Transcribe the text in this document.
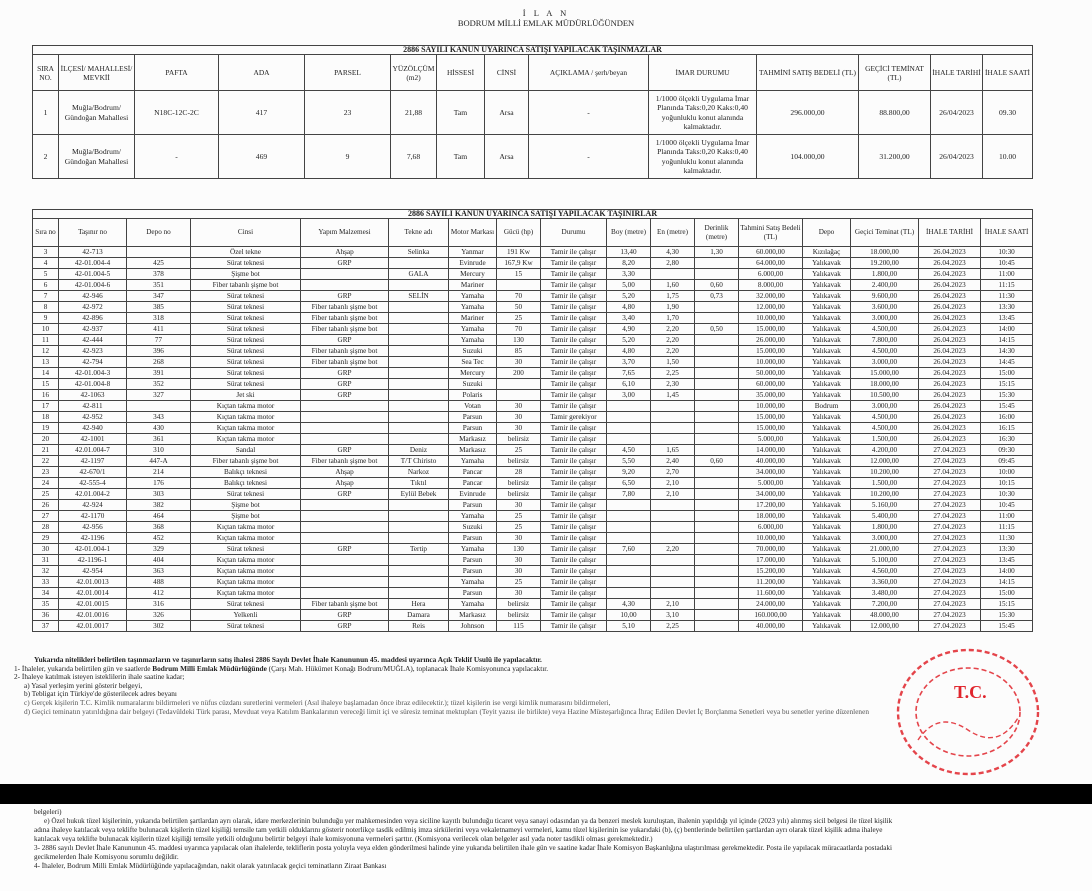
İ L A N
BODRUM MİLLİ EMLAK MÜDÜRLÜĞÜNDEN
2886 SAYILI KANUN UYARINCA SATIŞI YAPILACAK TAŞINMAZLAR													
SIRA NO.	İLÇESİ/ MAHALLESİ/ MEVKİİ	PAFTA	ADA	PARSEL	YÜZÖLÇÜM (m2)	HİSSESİ	CİNSİ	AÇIKLAMA / şerh/beyan	İMAR DURUMU	TAHMİNİ SATIŞ BEDELİ (TL)	GEÇİCİ TEMİNAT (TL)	İHALE TARİHİ	İHALE SAATİ
1	Muğla/Bodrum/ Gündoğan Mahallesi	N18C-12C-2C	417	23	21,88	Tam	Arsa	-	1/1000 ölçekli Uygulama İmar Planında Taks:0,20 Kaks:0,40 yoğunluklu konut alanında kalmaktadır.	296.000,00	88.800,00	26/04/2023	09.30
2	Muğla/Bodrum/ Gündoğan Mahallesi	-	469	9	7,68	Tam	Arsa	-	1/1000 ölçekli Uygulama İmar Planında Taks:0,20 Kaks:0,40 yoğunluklu konut alanında kalmaktadır.	104.000,00	31.200,00	26/04/2023	10.00
2886 SAYILI KANUN UYARINCA SATIŞI YAPILACAK TAŞINIRLAR																
Sıra no	Taşınır no	Depo no	Cinsi	Yapım Malzemesi	Tekne adı	Motor Markası	Gücü (hp)	Durumu	Boy (metre)	En (metre)	Derinlik (metre)	Tahmini Satış Bedeli (TL)	Depo	Geçici Teminat (TL)	İHALE TARİHİ	İHALE SAATİ
3	42-713		Özel tekne	Ahşap	Selinka	Yanmar	191 Kw	Tamir ile çalışır	13,40	4,30	1,30	60.000,00	Kızılağaç	18.000,00	26.04.2023	10:30
4	42-01.004-4	425	Sürat teknesi	GRP		Evinrude	167,9 Kw	Tamir ile çalışır	8,20	2,80		64.000,00	Yalıkavak	19.200,00	26.04.2023	10:45
5	42-01.004-5	378	Şişme bot		GALA	Mercury	15	Tamir ile çalışır	3,30			6.000,00	Yalıkavak	1.800,00	26.04.2023	11:00
6	42-01.004-6	351	Fiber tabanlı şişme bot			Mariner		Tamir ile çalışır	5,00	1,60	0,60	8.000,00	Yalıkavak	2.400,00	26.04.2023	11:15
7	42-946	347	Sürat teknesi	GRP	SELİN	Yamaha	70	Tamir ile çalışır	5,20	1,75	0,73	32.000,00	Yalıkavak	9.600,00	26.04.2023	11:30
8	42-972	385	Sürat teknesi	Fiber tabanlı şişme bot		Yamaha	50	Tamir ile çalışır	4,80	1,90		12.000,00	Yalıkavak	3.600,00	26.04.2023	13:30
9	42-896	318	Sürat teknesi	Fiber tabanlı şişme bot		Mariner	25	Tamir ile çalışır	3,40	1,70		10.000,00	Yalıkavak	3.000,00	26.04.2023	13:45
10	42-937	411	Sürat teknesi	Fiber tabanlı şişme bot		Yamaha	70	Tamir ile çalışır	4,90	2,20	0,50	15.000,00	Yalıkavak	4.500,00	26.04.2023	14:00
11	42-444	77	Sürat teknesi	GRP		Yamaha	130	Tamir ile çalışır	5,20	2,20		26.000,00	Yalıkavak	7.800,00	26.04.2023	14:15
12	42-923	396	Sürat teknesi	Fiber tabanlı şişme bot		Suzuki	85	Tamir ile çalışır	4,80	2,20		15.000,00	Yalıkavak	4.500,00	26.04.2023	14:30
13	42-794	268	Sürat teknesi	Fiber tabanlı şişme bot		Sea Tec	30	Tamir ile çalışır	3,70	1,50		10.000,00	Yalıkavak	3.000,00	26.04.2023	14:45
14	42-01.004-3	391	Sürat teknesi	GRP		Mercury	200	Tamir ile çalışır	7,65	2,25		50.000,00	Yalıkavak	15.000,00	26.04.2023	15:00
15	42-01.004-8	352	Sürat teknesi	GRP		Suzuki		Tamir ile çalışır	6,10	2,30		60.000,00	Yalıkavak	18.000,00	26.04.2023	15:15
16	42-1063	327	Jet ski	GRP		Polaris		Tamir ile çalışır	3,00	1,45		35.000,00	Yalıkavak	10.500,00	26.04.2023	15:30
17	42-811		Kıçtan takma motor			Votan	30	Tamir ile çalışır				10.000,00	Bodrum	3.000,00	26.04.2023	15:45
18	42-952	343	Kıçtan takma motor			Parsun	30	Tamir gerekiyor				15.000,00	Yalıkavak	4.500,00	26.04.2023	16:00
19	42-940	430	Kıçtan takma motor			Parsun	30	Tamir ile çalışır				15.000,00	Yalıkavak	4.500,00	26.04.2023	16:15
20	42-1001	361	Kıçtan takma motor			Markasız	belirsiz	Tamir ile çalışır				5.000,00	Yalıkavak	1.500,00	26.04.2023	16:30
21	42.01.004-7	310	Sandal	GRP	Deniz	Markasız	25	Tamir ile çalışır	4,50	1,65		14.000,00	Yalıkavak	4.200,00	27.04.2023	09:30
22	42-1197	447-A	Fiber tabanlı şişme bot	Fiber tabanlı şişme bot	T/T Chiristo	Yamaha	belirsiz	Tamir ile çalışır	5,50	2,40	0,60	40.000,00	Yalıkavak	12.000,00	27.04.2023	09:45
23	42-670/1	214	Balıkçı teknesi	Ahşap	Narkoz	Pancar	28	Tamir ile çalışır	9,20	2,70		34.000,00	Yalıkavak	10.200,00	27.04.2023	10:00
24	42-555-4	176	Balıkçı teknesi	Ahşap	Tıktıl	Pancar	belirsiz	Tamir ile çalışır	6,50	2,10		5.000,00	Yalıkavak	1.500,00	27.04.2023	10:15
25	42.01.004-2	303	Sürat teknesi	GRP	Eylül Bebek	Evinrude	belirsiz	Tamir ile çalışır	7,80	2,10		34.000,00	Yalıkavak	10.200,00	27.04.2023	10:30
26	42-924	382	Şişme bot			Parsun	30	Tamir ile çalışır				17.200,00	Yalıkavak	5.160,00	27.04.2023	10:45
27	42-1170	464	Şişme bot			Yamaha	25	Tamir ile çalışır				18.000,00	Yalıkavak	5.400,00	27.04.2023	11:00
28	42-956	368	Kıçtan takma motor			Suzuki	25	Tamir ile çalışır				6.000,00	Yalıkavak	1.800,00	27.04.2023	11:15
29	42-1196	452	Kıçtan takma motor			Parsun	30	Tamir ile çalışır				10.000,00	Yalıkavak	3.000,00	27.04.2023	11:30
30	42-01.004-1	329	Sürat teknesi	GRP	Tertip	Yamaha	130	Tamir ile çalışır	7,60	2,20		70.000,00	Yalıkavak	21.000,00	27.04.2023	13:30
31	42-1196-1	404	Kıçtan takma motor			Parsun	30	Tamir ile çalışır				17.000,00	Yalıkavak	5.100,00	27.04.2023	13:45
32	42-954	363	Kıçtan takma motor			Parsun	30	Tamir ile çalışır				15.200,00	Yalıkavak	4.560,00	27.04.2023	14:00
33	42.01.0013	488	Kıçtan takma motor			Yamaha	25	Tamir ile çalışır				11.200,00	Yalıkavak	3.360,00	27.04.2023	14:15
34	42.01.0014	412	Kıçtan takma motor			Parsun	30	Tamir ile çalışır				11.600,00	Yalıkavak	3.480,00	27.04.2023	15:00
35	42.01.0015	316	Sürat teknesi	Fiber tabanlı şişme bot	Hera	Yamaha	belirsiz	Tamir ile çalışır	4,30	2,10		24.000,00	Yalıkavak	7.200,00	27.04.2023	15:15
36	42.01.0016	326	Yelkenli	GRP	Damara	Markasız	belirsiz	Tamir ile çalışır	10,00	3,10		160.000,00	Yalıkavak	48.000,00	27.04.2023	15:30
37	42.01.0017	302	Sürat teknesi	GRP	Reis	Johnson	115	Tamir ile çalışır	5,10	2,25		40.000,00	Yalıkavak	12.000,00	27.04.2023	15:45
Yukarıda nitelikleri belirtilen taşınmazların ve taşınırların satış ihalesi 2886 Sayılı Devlet İhale Kanununun 45. maddesi uyarınca Açık Teklif Usulü ile yapılacaktır.
1- İhaleler, yukarıda belirtilen gün ve saatlerde Bodrum Milli Emlak Müdürlüğünde (Çarşı Mah. Hükümet Konağı Bodrum/MUĞLA), toplanacak İhale Komisyonunca yapılacaktır.
2- İhaleye katılmak isteyen isteklilerin ihale saatine kadar;
a) Yasal yerleşim yerini gösterir belgeyi,
b) Tebligat için Türkiye'de gösterilecek adres beyanı
c) Gerçek kişilerin T.C. Kimlik numaralarını bildirmeleri ve nüfus cüzdanı suretlerini vermeleri (Asıl ihaleye başlamadan önce ibraz edilecektir.); tüzel kişilerin ise vergi kimlik numarasını bildirmeleri,
d) Geçici teminatın yatırıldığına dair belgeyi (Tedavüldeki Türk parası, Mevduat veya Katılım Bankalarının vereceği limit içi ve süresiz teminat mektupları (Teyit yazısı ile birlikte) veya Hazine Müsteşarlığınca İhraç Edilen Devlet İç Borçlanma Senetleri veya bu senetler yerine düzenlenen
T.C.
belgeleri)
e) Özel hukuk tüzel kişilerinin, yukarıda belirtilen şartlardan ayrı olarak, idare merkezlerinin bulunduğu yer mahkemesinden veya siciline kayıtlı bulunduğu ticaret veya sanayi odasından ya da benzeri meslek kuruluştan, ihalenin yapıldığı yıl içinde (2023 yılı) alınmış sicil belgesi ile tüzel kişilik
adına ihaleye katılacak veya teklifte bulunacak kişilerin tüzel kişiliği temsile tam yetkili olduklarını gösterir noterlikçe tasdik edilmiş imza sirkülerini veya vekaletnameyi vermeleri, kamu tüzel kişilerinin ise yukarıdaki (b), (ç) bentlerinde belirtilen şartlardan ayrı olarak tüzel kişilik adına ihaleye
katılacak veya teklifte bulunacak kişilerin tüzel kişiliği temsile yetkili olduğunu belirtir belgeyi ihale komisyonuna vermeleri şarttır. (Komisyona verilecek olan belgeler asıl yada noter tasdikli olması gerekmektedir.)
3- 2886 sayılı Devlet İhale Kanununun 45. maddesi uyarınca yapılacak olan ihalelerde, tekliflerin posta yoluyla veya elden gönderilmesi halinde yine yukarıda belirtilen ihale gün ve saatine kadar İhale Komisyon Başkanlığına ulaştırılması gerekmektedir. Posta ile yapılacak müracaatlarda postadaki
gecikmelerden İhale Komisyonu sorumlu değildir.
4- İhaleler, Bodrum Milli Emlak Müdürlüğünde yapılacağından, nakit olarak yatırılacak geçici teminatların Ziraat Bankası
